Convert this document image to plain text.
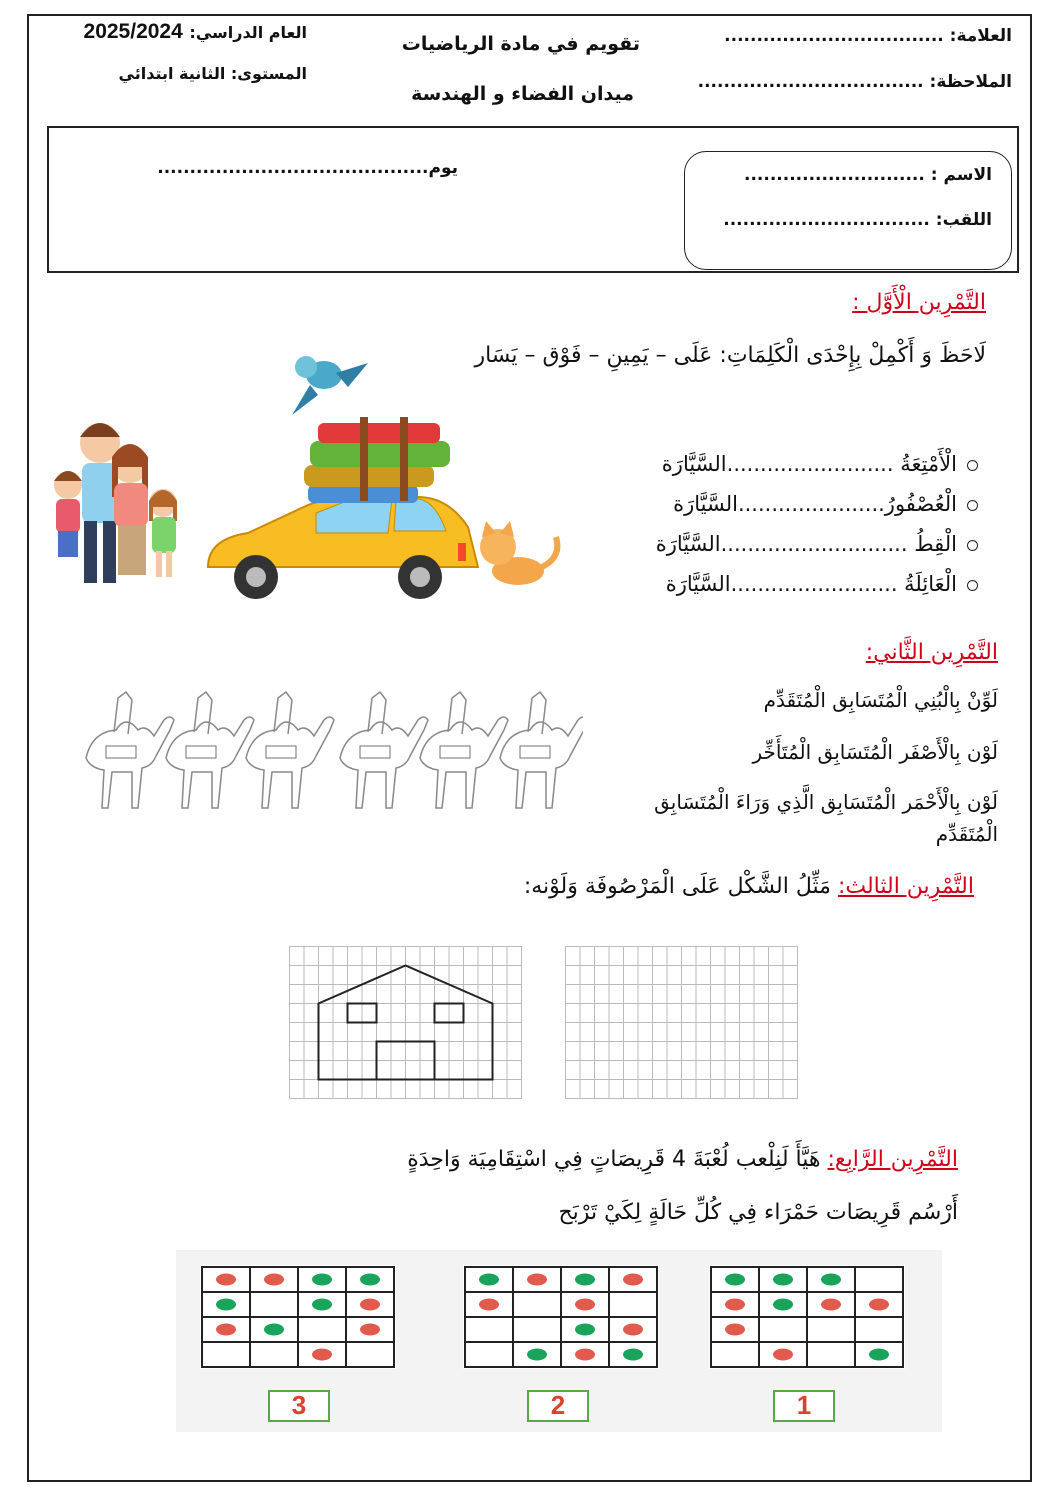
العام الدراسي: 2025/2024
المستوى: الثانية ابتدائي
تقويم في مادة الرياضيات
ميدان الفضاء و الهندسة
العلامة: ..................................
الملاحظة: ...................................
يوم..........................................	الاسم : ............................
اللقب: ................................
التَّمْرِين الْأَوَّل :
لَاحَظَ وَ أَكْمِلْ بِإِحْدَى الْكَلِمَاتِ: عَلَى – يَمِينِ – فَوْق – يَسَار
الْأَمْتِعَةُ .........................السَّيَّارَة
الْعُصْفُورُ......................السَّيَّارَة
الْقِطُ ............................السَّيَّارَة
الْعَائِلَةُ .........................السَّيَّارَة
التَّمْرِين الثَّاني:
لَوِّنْ بِالْبُنِي الْمُتَسَابِق الْمُتَقَدِّم
لَوْن بِالْأَصْفَر الْمُتَسَابِق الْمُتَأَخِّر
لَوْن بِالْأَحْمَر الْمُتَسَابِق الَّذِي وَرَاءَ الْمُتَسَابِق
الْمُتَقَدِّم
التَّمْرِين الثالث: مَثِّلُ الشَّكْل عَلَى الْمَرْصُوفَة وَلَوْنه:
التَّمْرِين الرَّابِع: هَيَّأَ لَنِلْعب لُعْبَةَ 4 قَرِيصَاتٍ فِي اسْتِقَامِيَة وَاحِدَةٍ
أَرْسُم قَرِيصَات حَمْرَاء فِي كُلِّ حَالَةٍ لِكَيْ تَرْبَح
3	2	1
